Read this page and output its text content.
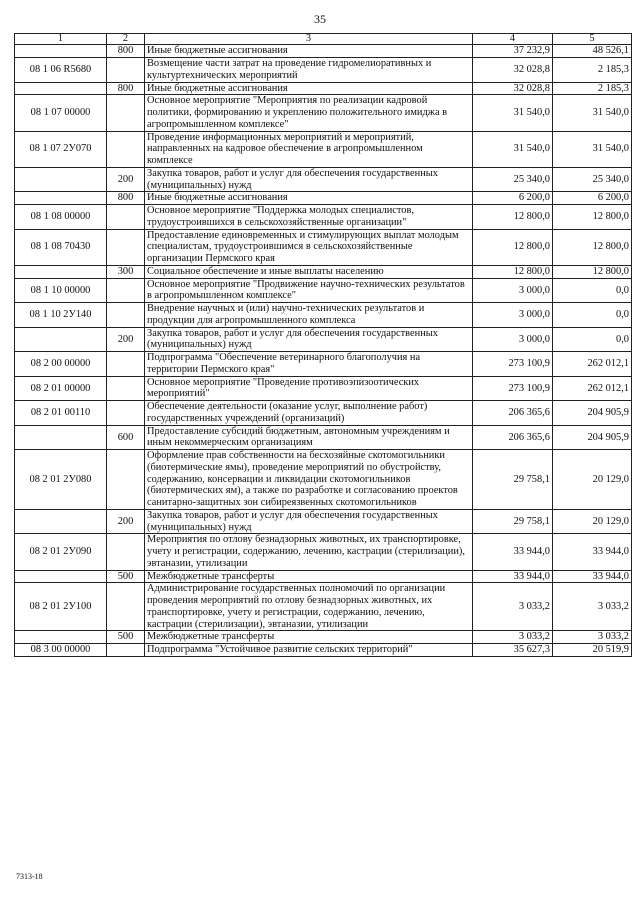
35
1	2	3	4	5
	800	Иные бюджетные ассигнования	37 232,9	48 526,1
08 1 06 R5680		Возмещение части затрат на проведение гидромелиоративных и культуртехнических мероприятий	32 028,8	2 185,3
	800	Иные бюджетные ассигнования	32 028,8	2 185,3
08 1 07 00000		Основное мероприятие "Мероприятия по реализации кадровой политики, формированию и укреплению положительного имиджа в агропромышленном комплексе"	31 540,0	31 540,0
08 1 07 2У070		Проведение информационных мероприятий и мероприятий, направленных на кадровое обеспечение в агропромышленном комплексе	31 540,0	31 540,0
	200	Закупка товаров, работ и услуг для обеспечения государственных (муниципальных) нужд	25 340,0	25 340,0
	800	Иные бюджетные ассигнования	6 200,0	6 200,0
08 1 08 00000		Основное мероприятие "Поддержка молодых специалистов, трудоустроившихся в сельскохозяйственные организации"	12 800,0	12 800,0
08 1 08 70430		Предоставление единовременных и стимулирующих выплат молодым специалистам, трудоустроившимся в сельскохозяйственные организации Пермского края	12 800,0	12 800,0
	300	Социальное обеспечение и иные выплаты населению	12 800,0	12 800,0
08 1 10 00000		Основное мероприятие "Продвижение научно-технических результатов в агропромышленном комплексе"	3 000,0	0,0
08 1 10 2У140		Внедрение научных и (или) научно-технических результатов и продукции для агропромышленного комплекса	3 000,0	0,0
	200	Закупка товаров, работ и услуг для обеспечения государственных (муниципальных) нужд	3 000,0	0,0
08 2 00 00000		Подпрограмма "Обеспечение ветеринарного благополучия на территории Пермского края"	273 100,9	262 012,1
08 2 01 00000		Основное мероприятие "Проведение противоэпизоотических мероприятий"	273 100,9	262 012,1
08 2 01 00110		Обеспечение деятельности (оказание услуг, выполнение работ) государственных учреждений (организаций)	206 365,6	204 905,9
	600	Предоставление субсидий бюджетным, автономным учреждениям и иным некоммерческим организациям	206 365,6	204 905,9
08 2 01 2У080		Оформление прав собственности на бесхозяйные скотомогильники (биотермические ямы), проведение мероприятий по обустройству, содержанию, консервации и ликвидации скотомогильников (биотермических ям), а также по разработке и согласованию проектов санитарно-защитных зон сибиреязвенных скотомогильников	29 758,1	20 129,0
	200	Закупка товаров, работ и услуг для обеспечения государственных (муниципальных) нужд	29 758,1	20 129,0
08 2 01 2У090		Мероприятия по отлову безнадзорных животных, их транспортировке, учету и регистрации, содержанию, лечению, кастрации (стерилизации), эвтаназии, утилизации	33 944,0	33 944,0
	500	Межбюджетные трансферты	33 944,0	33 944,0
08 2 01 2У100		Администрирование государственных полномочий по организации проведения мероприятий по отлову безнадзорных животных, их транспортировке, учету и регистрации, содержанию, лечению, кастрации (стерилизации), эвтаназии, утилизации	3 033,2	3 033,2
	500	Межбюджетные трансферты	3 033,2	3 033,2
08 3 00 00000		Подпрограмма "Устойчивое развитие сельских территорий"	35 627,3	20 519,9
7313-18
